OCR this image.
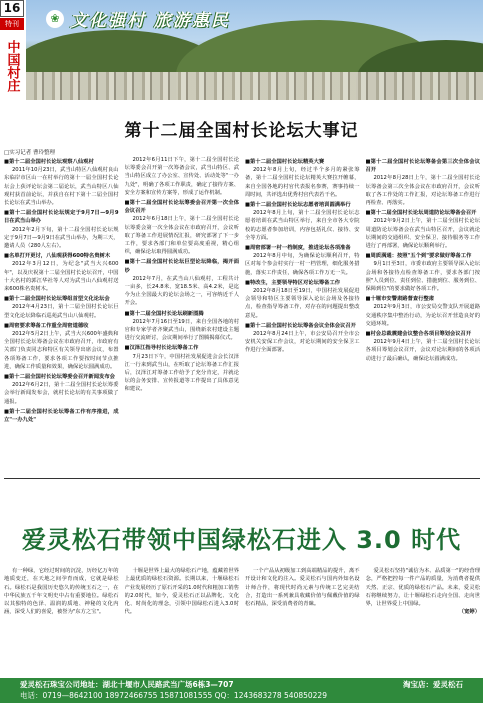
16
特刊
中国村庄
❀ 文化强村 旅游惠民
第十二届全国村长论坛大事记
□实习记者 曹玲整理
■第十二届全国村长论坛观察八仙观村

2011年10月23日，武当山特区八仙观村良山东临岸市区山一在村举行的第十一届全国村长论坛会上获评论坛会第二届论坛，武当山特区八仙观村获首前论坛，并获自在村下第十二届全国村长论坛在武当山举办。

■第十二届全国村长论坛规定于9月7日—9月9日在武当山举办

2012年2月下旬，第十二届全国村长论坛规定于9月7日—9月9日在武当山举办，为期三天，邀请人员（280人左右）。

■名单打开更讨，八仙观获得600特名贵树木

2012年3月12日，为纪念"武当大兴600年"，以及庆祝第十二届全国村长论坛召开，中国十大名村的郭江华社等人对为武当山八仙观村送来600株名贵树木。

■第十二届全国村长论坛筹组首型文化论坛会

2012年4月23日，第十二届全国村长论坛巨型文化论坛降临石巡苑武当山八仙观村。

■周密要求筹备工作重全周密道德收

2012年5月2日上午，武当大兴600年盛典和全国村长论坛筹备会议在市政府召开，市政府有关部门负责同志和特区有关领导出席会议，布置各项筹备工作，要求各项工作要按时间节点推进，确保工作质量和效果，确保论坛圆满成功。

■第十二届全国村长论坛筹委会召开新闻发布会

2012年6月2日，第十二届全国村长论坛筹委会举行新闻发布会，就村长论坛的有关事项做了通报。

■第十二届全国村长论坛筹备工作有序推进，成立"一办九处"

2012年6月11日下午，第十二届全国村长论坛筹委会召开第一次筹备会议，武当山特区、武当山特区成立了办公室、宣传处、活动处等"一办九处"，明确了各项工作职责，确定了接待方案、安全方案和宣传方案等，形成了运作机制。

■第十二届全国村长论坛筹委会召开第一次全体会议召开

2012年6月18日上午，第十二届全国村长论坛筹委会第一次全体会议在市政府召开，会议听取了筹备工作进展情况汇报，研究部署了下一步工作，要求各部门和单位要高度重视，精心组织，确保论坛取得圆满成功。

■第十二届全国村长论坛巨型论坛降临，揭开面纱

2012年7月，在武当山八仙观村，工程共计一亩多，长24.8米、宽18.5米、高4.2米，是迄今为止全国最大的论坛会场之一，可容纳近千人开会。

■第十二届全国村长论坛刷新图腾

2012年7月16日至19日，来自全国各地的村官和专家学者齐聚武当山，围绕新农村建设主题进行交流研讨，会议期间举行了图腾揭幕仪式。

■汉泽江指导村长论坛筹备工作

7月23日下午，中国村社发展促进会会长汉泽江一行来到武当山，在听取了论坛筹备工作汇报后，汉泽江对筹备工作给予了充分肯定，并就论坛的会务安排、宣传报道等工作提出了具体意见和建议。

■第十二届全国村长论坛精英大赛

2012年8月上旬，经过半个多月的紧张筹备，第十二届全国村长论坛精英大赛拉开帷幕，来自全国各地的村官代表报名参赛，赛事持续一周时间，共评选出优秀村官代表若干名。

■第十二届全国村长论坛志愿者培训圆满举行

2012年8月上旬，第十二届全国村长论坛志愿者培训在武当山特区举行，来自全市各大专院校的志愿者参加培训，内容包括礼仪、接待、安全等方面。

■周密部署一村一档制度，推进论坛各项准备

2012年8月中旬，为确保论坛顺利召开，特区对每个参会村实行一村一档管理，细化服务措施，落实工作责任，确保各项工作万无一失。

■特改生，主要领导特区对论坛筹备工作

2012年8月18日至19日，中国村社发展促进会领导和特区主要领导深入论坛会场及各接待点，检查指导筹备工作，对存在的问题提出整改意见。

■第十二届全国村长论坛筹备会议全体会议召开

2012年8月24日上午，市公安局召开全市公安机关安保工作会议，对论坛期间的安全保卫工作进行全面部署。

■第十二届全国村长论坛筹备会第三次全体会议召开

2012年8月28日上午，第十二届全国村长论坛筹备会第三次全体会议在市政府召开，会议听取了各工作处的工作汇报，对论坛筹备工作进行再检查、再落实。

■第十二届全国村长论坛周道防论坛筹备会召开

2012年9月2日上午，第十二届全国村长论坛周道防论坛筹备会在武当山特区召开，会议就论坛期间的交通组织、安全保卫、接待服务等工作进行了再部署，确保论坛顺利举行。

■周质满通：按照"五个到"要求做好筹备工作

9月1日至3日，市委市政府主要领导深入论坛会场和各接待点检查筹备工作，要求各部门按照"人员到位、责任到位、措施到位、服务到位、保障到位"的要求做好各项工作。

■十堰市安警肃路督查行整肃

2012年9月3日，市公安局交警支队开展道路交通秩序集中整治行动，为论坛召开营造良好的交通环境。

■村会总裁震建会议整合各项目筹划会议召开

2012年9月4日上午，第十二届全国村长论坛各项目筹划会议召开，会议对论坛期间的各项活动进行了最后确认，确保论坛圆满成功。

爱灵松石带领中国绿松石进入 3.0 时代

有一种绿，它经过时间的沉淀，历经亿万年的地质变迁，在天地之间孕育而成，它就是绿松石。绿松石是我国历史悠久的传统玉石之一，在中华民族五千年文明史中占有重要地位。绿松石以其独特的色泽、温润的质地、神秘的文化内涵，深受人们的喜爱，被誉为"东方之宝"。

十堰是世界上最大的绿松石产地，蕴藏着世界上最优质的绿松石资源。长期以来，十堰绿松石产业发展经历了原石开采的1.0时代和粗加工销售的2.0时代，如今，爱灵松石正以品牌化、文化化、时尚化的理念，引领中国绿松石进入3.0时代。

一个产品从初级加工到高端精品的提升，离不开设计和文化的注入。爱灵松石与国内外知名设计师合作，将现代时尚元素与传统工艺完美结合，打造出一系列兼具收藏价值与佩戴价值的绿松石精品，深受消费者的青睐。

爱灵松石坚持"诚信为本、品质第一"的经营理念，严格把控每一件产品的质量，为消费者提供天然、正宗、优质的绿松石产品。未来，爱灵松石将继续努力，让十堰绿松石走向全国、走向世界，让世界爱上中国绿。

（宽婷）
爱灵松石珠宝公司地址：湖北十堰市人民路武当广场6栋3—707	淘宝店：爱灵松石
电话：0719—8642100 18972466755 15871081555 QQ：1243683278 540850229
